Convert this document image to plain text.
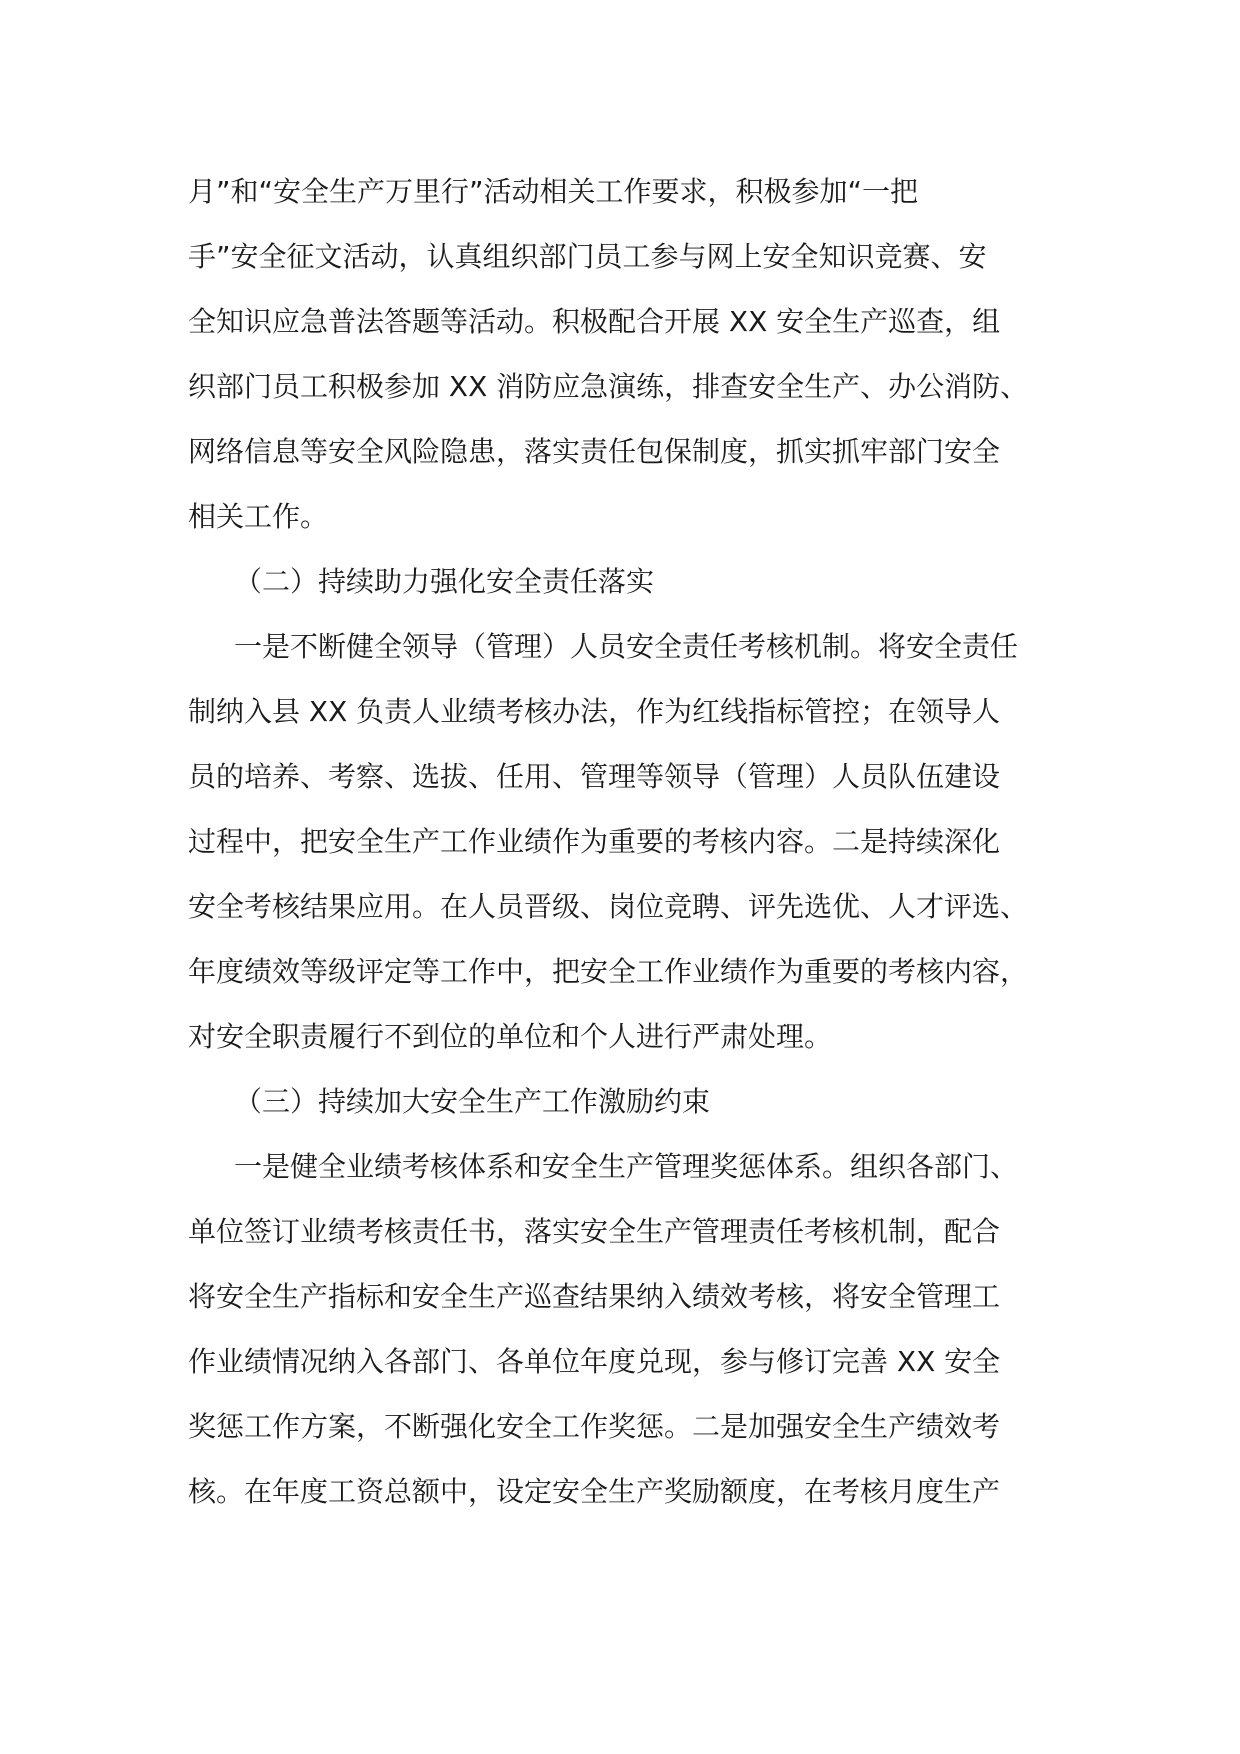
月”和“安全生产万里行”活动相关工作要求，积极参加“一把
手”安全征文活动，认真组织部门员工参与网上安全知识竞赛、安
全知识应急普法答题等活动。积极配合开展 XX 安全生产巡查，组
织部门员工积极参加 XX 消防应急演练，排查安全生产、办公消防、
网络信息等安全风险隐患，落实责任包保制度，抓实抓牢部门安全
相关工作。
（二）持续助力强化安全责任落实
一是不断健全领导（管理）人员安全责任考核机制。将安全责任
制纳入县 XX 负责人业绩考核办法，作为红线指标管控；在领导人
员的培养、考察、选拔、任用、管理等领导（管理）人员队伍建设
过程中，把安全生产工作业绩作为重要的考核内容。二是持续深化
安全考核结果应用。在人员晋级、岗位竞聘、评先选优、人才评选、
年度绩效等级评定等工作中，把安全工作业绩作为重要的考核内容，
对安全职责履行不到位的单位和个人进行严肃处理。
（三）持续加大安全生产工作激励约束
一是健全业绩考核体系和安全生产管理奖惩体系。组织各部门、
单位签订业绩考核责任书，落实安全生产管理责任考核机制，配合
将安全生产指标和安全生产巡查结果纳入绩效考核，将安全管理工
作业绩情况纳入各部门、各单位年度兑现，参与修订完善 XX 安全
奖惩工作方案，不断强化安全工作奖惩。二是加强安全生产绩效考
核。在年度工资总额中，设定安全生产奖励额度，在考核月度生产
